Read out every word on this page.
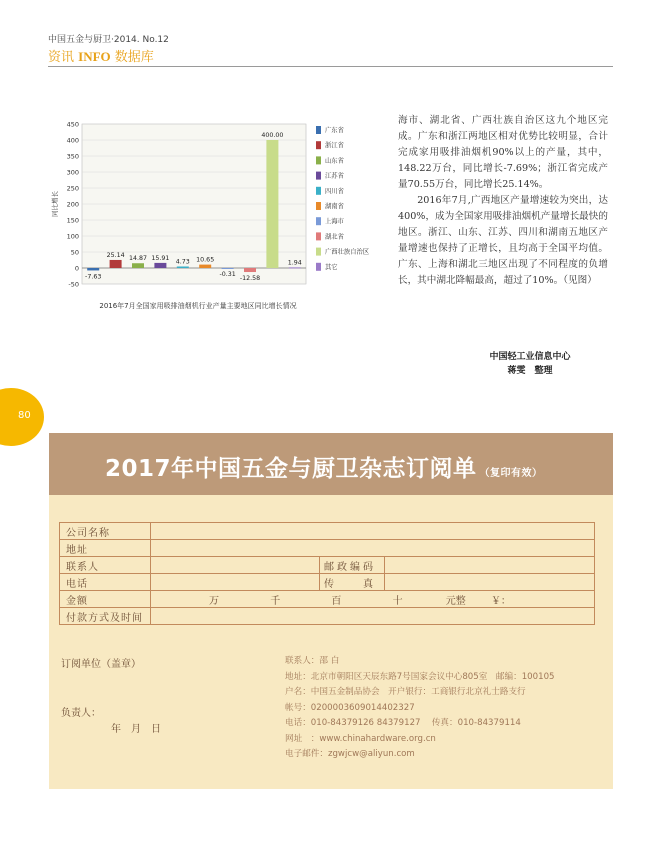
中国五金与厨卫·2014. No.12
资讯 INFO 数据库
-50
0
50
100
150
200
250
300
350
400
450
同比增长
-7.63
25.14 14.87 15.91
4.73 10.65
-0.31
-12.58
400.00
1.94
广东省
浙江省
山东省
江苏省
四川省
湖南省
上海市
湖北省
广西壮族自治区
其它
2016年7月全国家用吸排油烟机行业产量主要地区同比增长情况

海市、湖北省、广西壮族自治区这九个地区完成。广东和浙江两地区相对优势比较明显，合计完成家用吸排油烟机90%以上的产量，其中，148.22万台，同比增长-7.69%；浙江省完成产量70.55万台，同比增长25.14%。

2016年7月,广西地区产量增速较为突出，达400%，成为全国家用吸排油烟机产量增长最快的地区。浙江、山东、江苏、四川和湖南五地区产量增速也保持了正增长，且均高于全国平均值。广东、上海和湖北三地区出现了不同程度的负增长，其中湖北降幅最高，超过了10%。（见图）

中国轻工业信息中心
蒋雯　整理
80
2017年中国五金与厨卫杂志订阅单 （复印有效）
公司名称			
地址			
联系人		邮政编码	
电话		传　　真	
金额	万 千 百 十 元整 ￥：		
付款方式及时间			
订阅单位（盖章）
负责人：
年　月　日
联系人：邵 白
地址：北京市朝阳区天辰东路7号国家会议中心805室　邮编：100105
户名：中国五金制品协会　开户银行：工商银行北京礼士路支行
帐号：0200003609014402327
电话：010-84379126 84379127　 传真：010-84379114
网址　：www.chinahardware.org.cn
电子邮件：zgwjcw@aliyun.com
